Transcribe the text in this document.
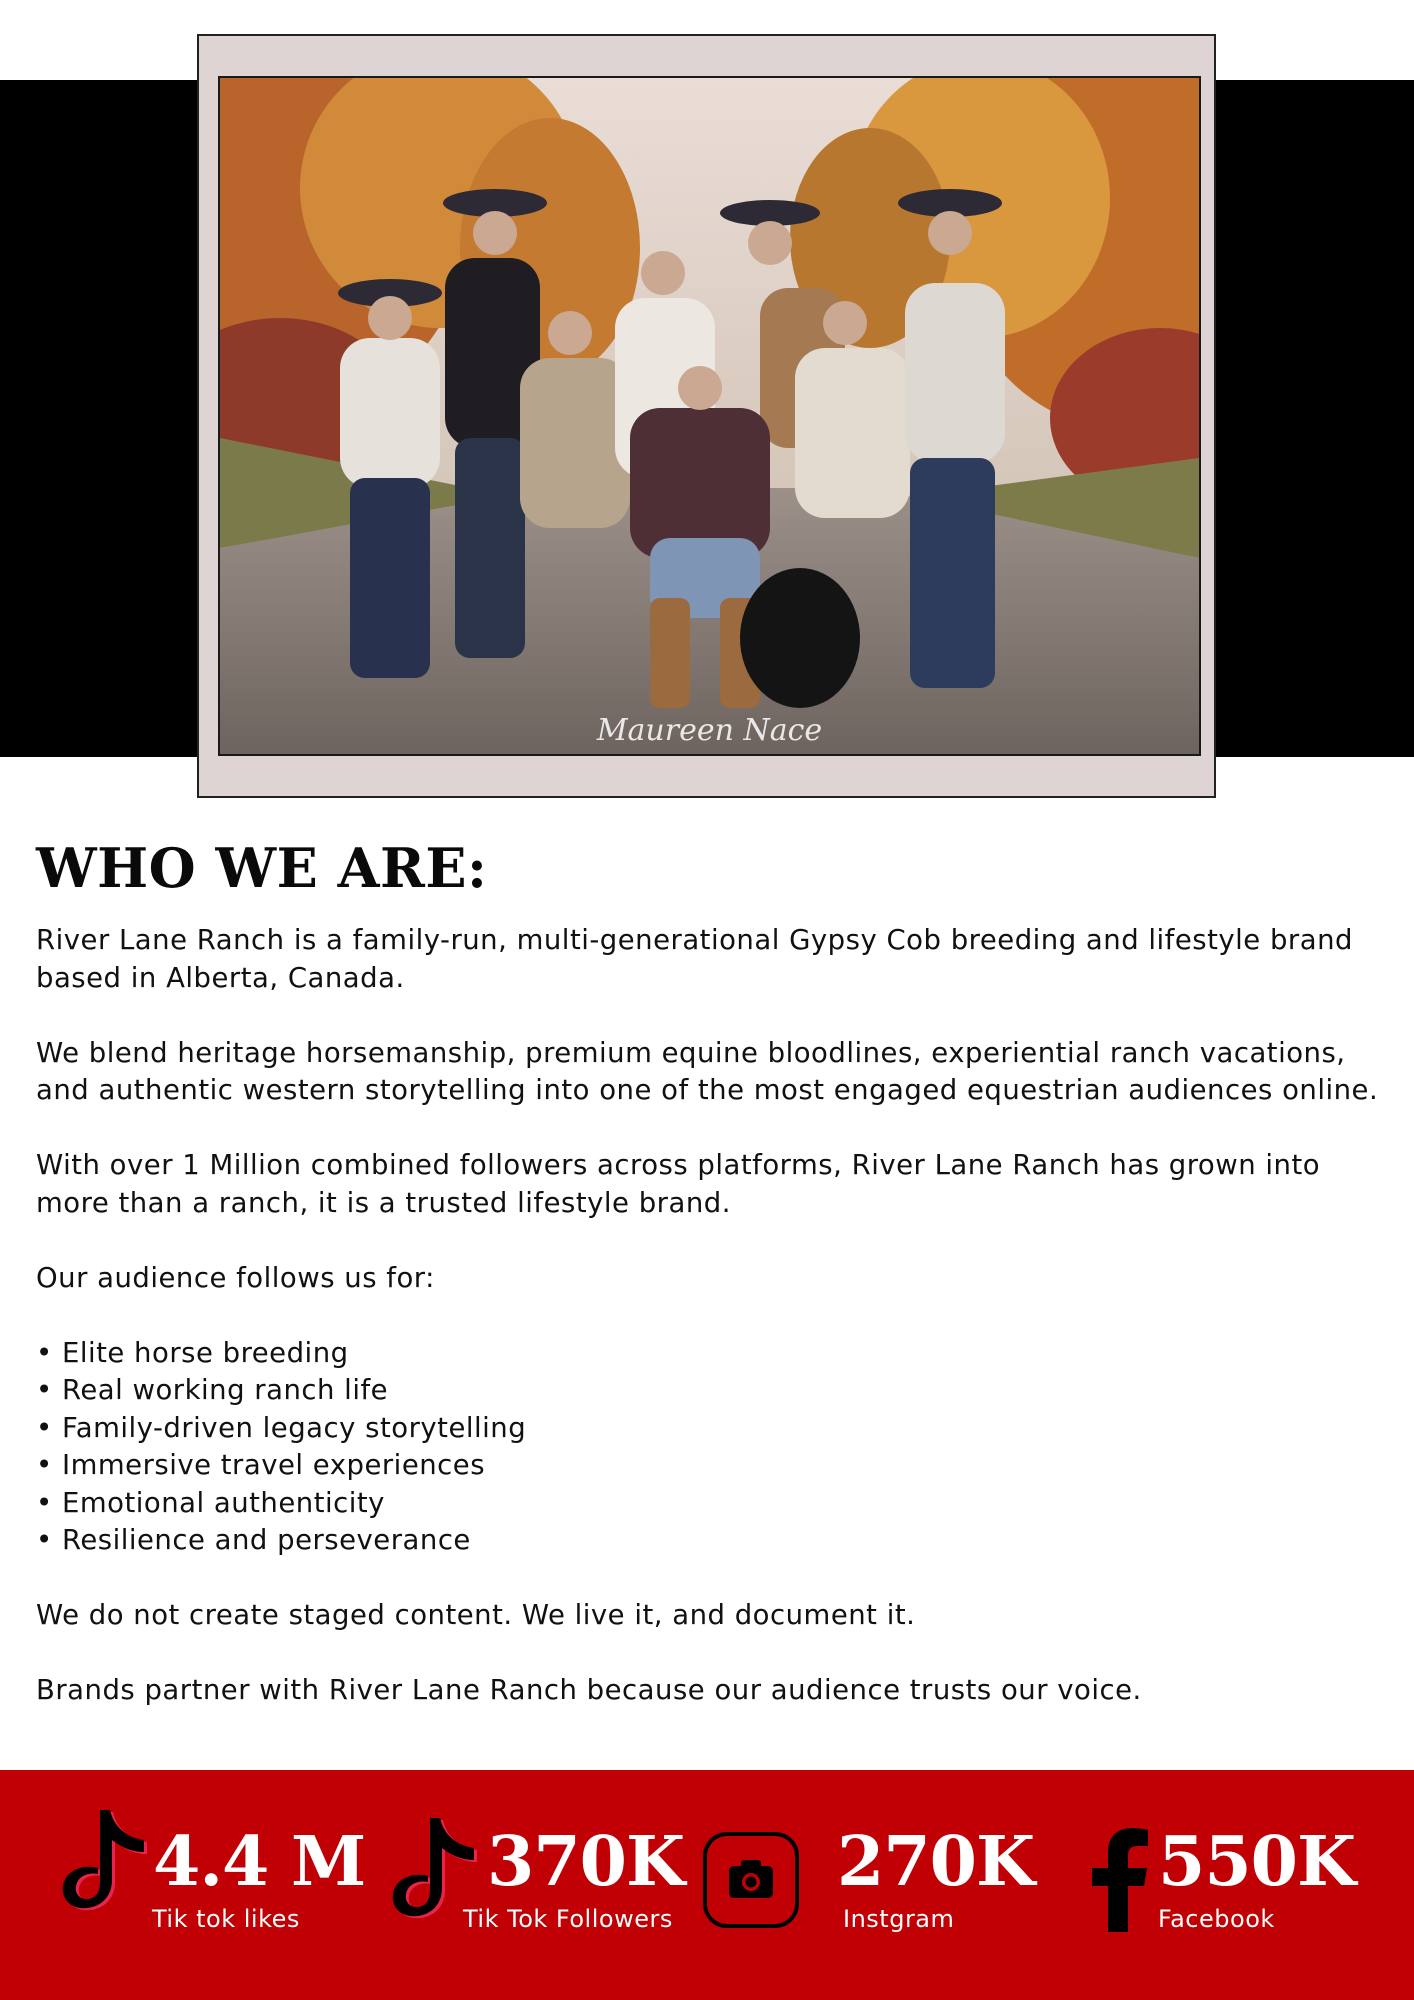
Maureen Nace
WHO WE ARE:

River Lane Ranch is a family-run, multi-generational Gypsy Cob breeding and lifestyle brand based in Alberta, Canada.

We blend heritage horsemanship, premium equine bloodlines, experiential ranch vacations, and authentic western storytelling into one of the most engaged equestrian audiences online.

With over 1 Million combined followers across platforms, River Lane Ranch has grown into more than a ranch, it is a trusted lifestyle brand.

Our audience follows us for:

• Elite horse breeding
• Real working ranch life
• Family-driven legacy storytelling
• Immersive travel experiences
• Emotional authenticity
• Resilience and perseverance

We do not create staged content. We live it, and document it.

Brands partner with River Lane Ranch because our audience trusts our voice.

4.4 M
Tik tok likes
370K
Tik Tok Followers
270K
Instgram
550K
Facebook
